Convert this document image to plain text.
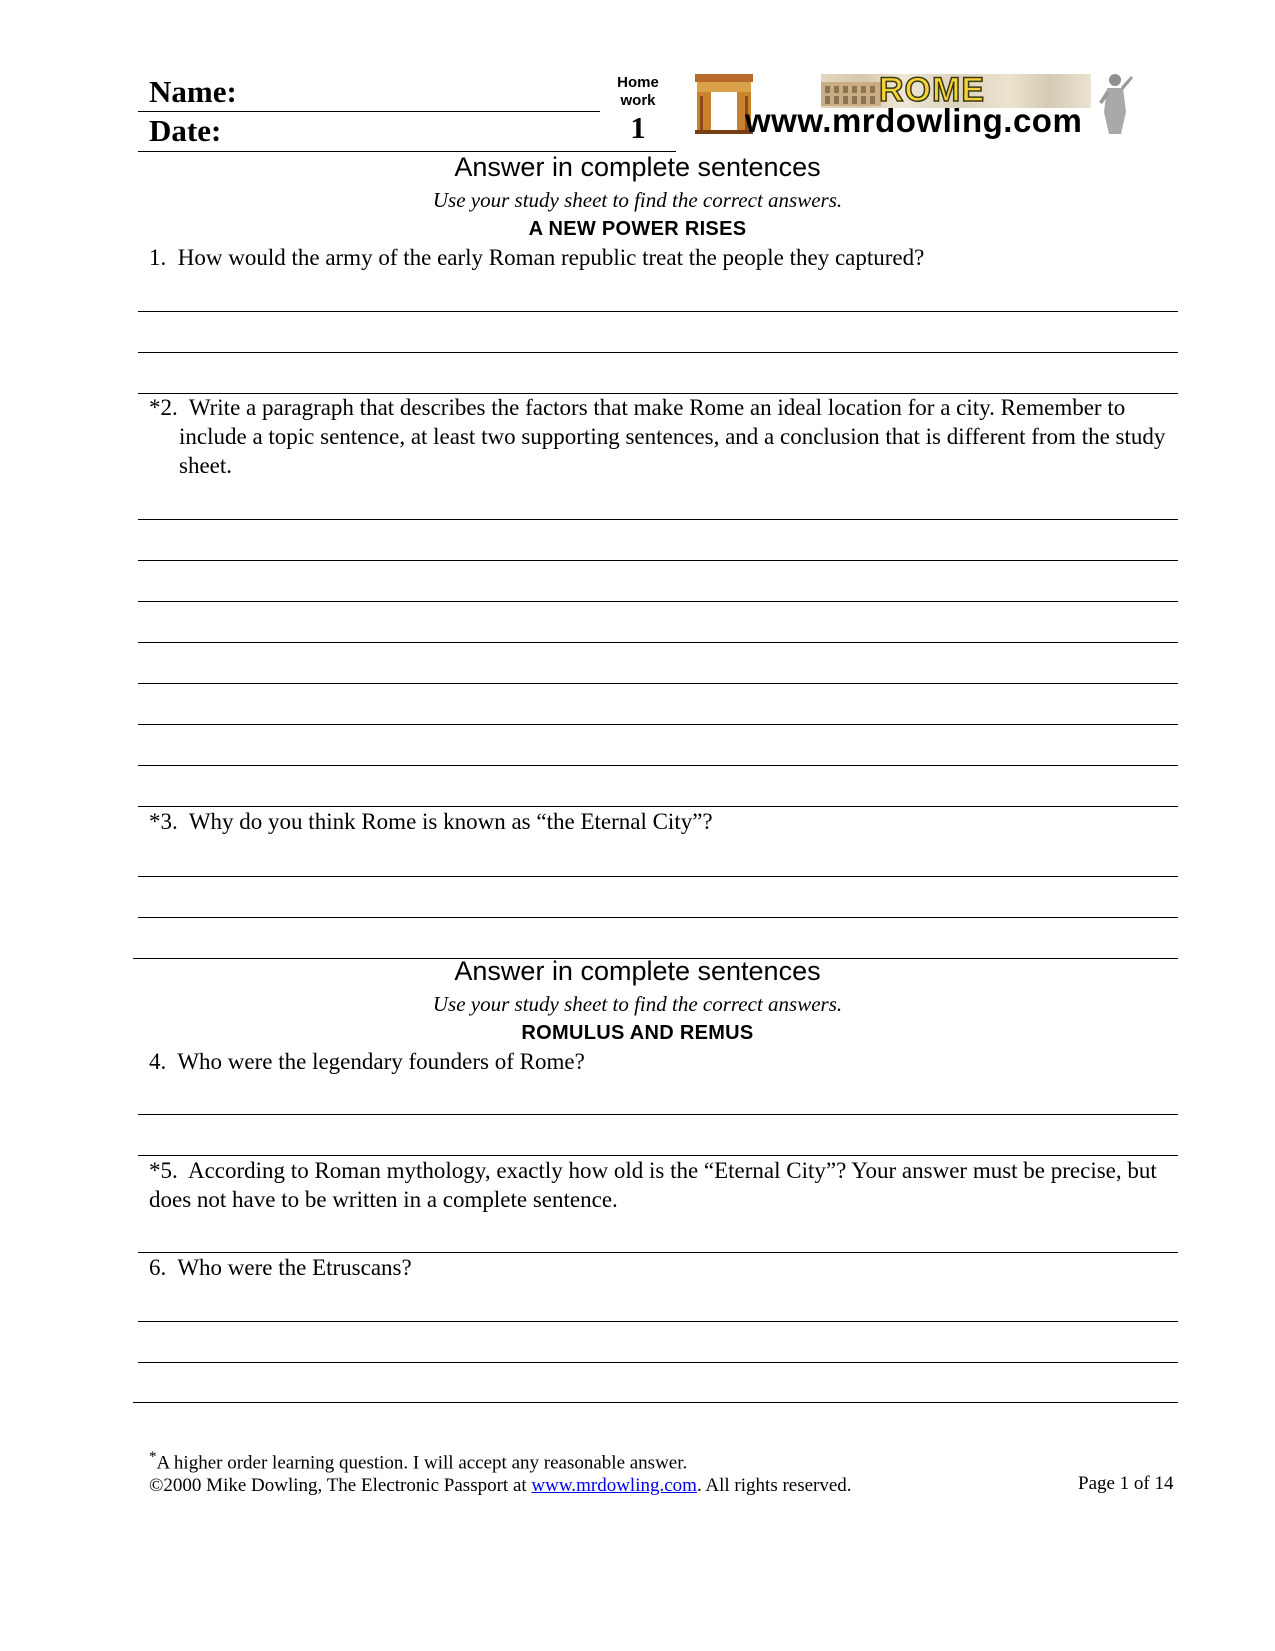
Name:
Date:
Home
work
1
ROME
www.mrdowling.com
Answer in complete sentences
Use your study sheet to find the correct answers.
A NEW POWER RISES
1. How would the army of the early Roman republic treat the people they captured?
*2. Write a paragraph that describes the factors that make Rome an ideal location for a city. Remember to include a topic sentence, at least two supporting sentences, and a conclusion that is different from the study sheet.
*3. Why do you think Rome is known as “the Eternal City”?
Answer in complete sentences
Use your study sheet to find the correct answers.
ROMULUS AND REMUS
4. Who were the legendary founders of Rome?
*5. According to Roman mythology, exactly how old is the “Eternal City”? Your answer must be precise, but does not have to be written in a complete sentence.
6. Who were the Etruscans?
*A higher order learning question. I will accept any reasonable answer.
©2000 Mike Dowling, The Electronic Passport at www.mrdowling.com. All rights reserved.	Page 1 of 14
